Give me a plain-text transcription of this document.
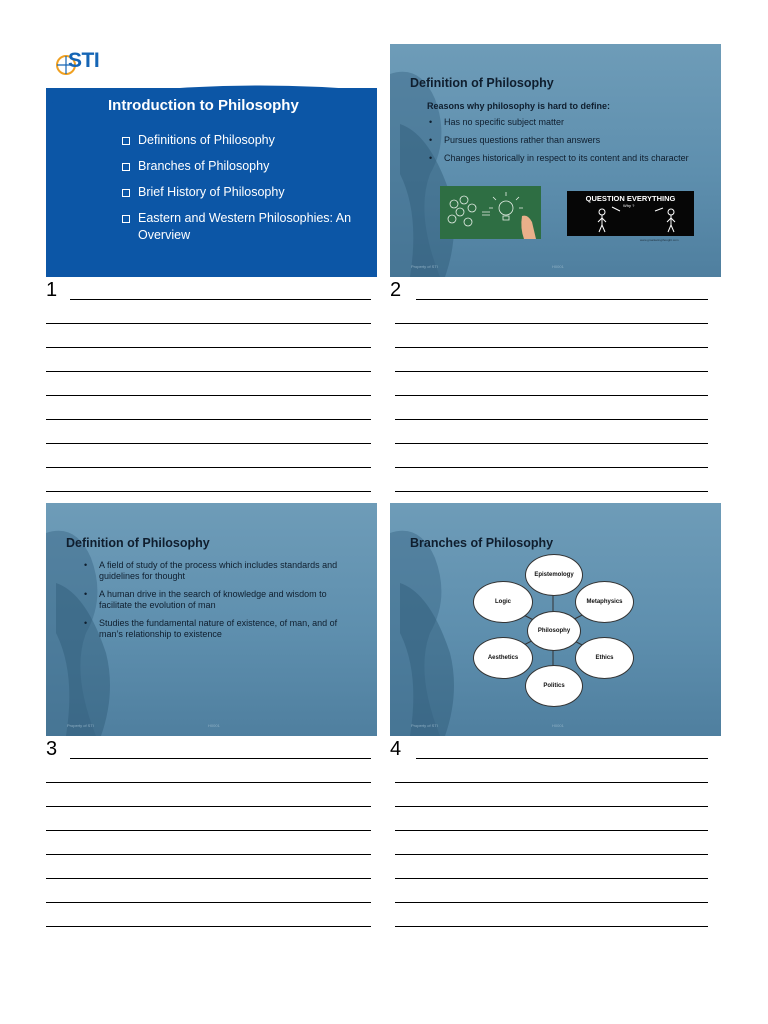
STI
Introduction to Philosophy
Definitions of Philosophy
Branches of Philosophy
Brief History of Philosophy
Eastern and Western Philosophies: An Overview
Definition of Philosophy
Reasons why philosophy is hard to define:
• Has no specific subject matter
• Pursues questions rather than answers
• Changes historically in respect to its content and its character
QUESTION EVERYTHING
Why ?
www.gmarketingthought.com
Property of STI	H0001
Definition of Philosophy
• A field of study of the process which includes standards and guidelines for thought
• A human drive in the search of knowledge and wisdom to facilitate the evolution of man
• Studies the fundamental nature of existence, of man, and of man’s relationship to existence
Property of STI	H0001
Branches of Philosophy
Epistemology
Metaphysics
Ethics
Politics
Aesthetics
Logic
Philosophy
Property of STI	H0001
1	2
3	4
